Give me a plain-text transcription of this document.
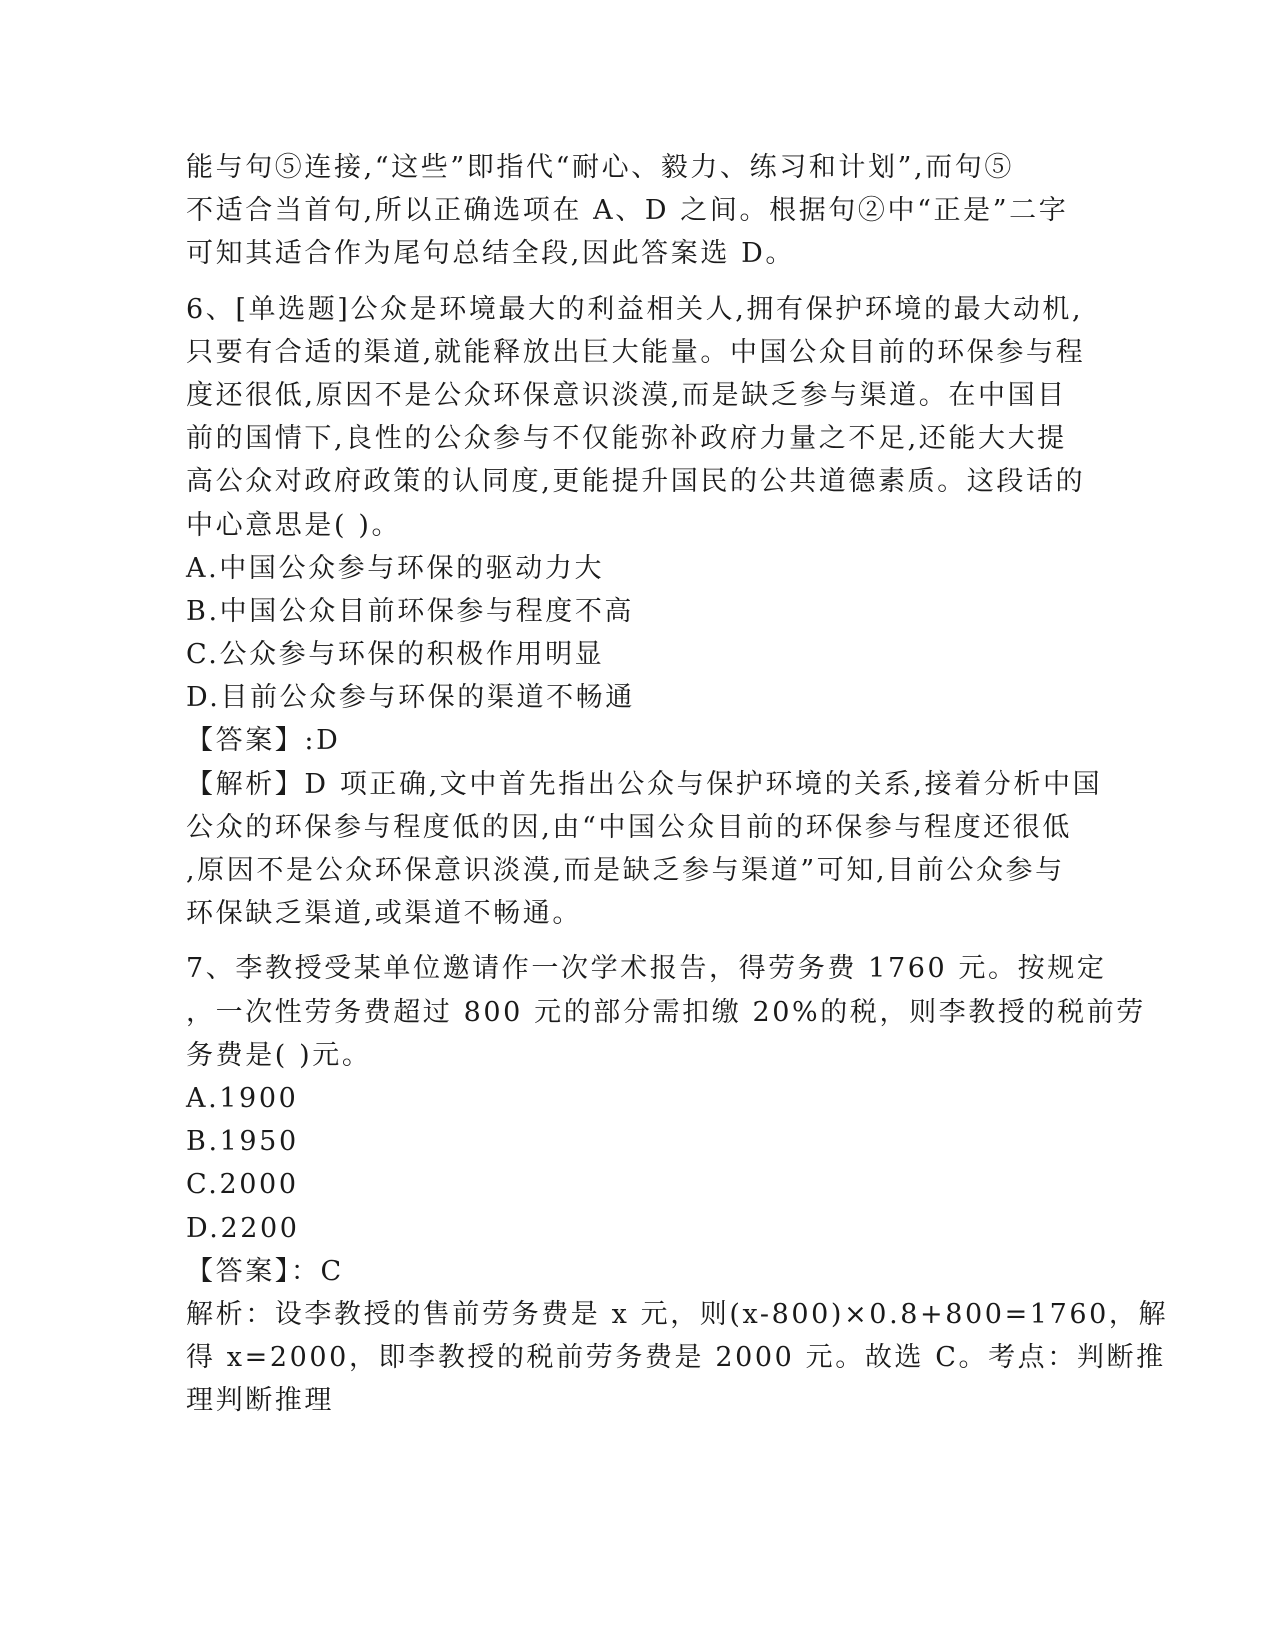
能与句⑤连接,“这些”即指代“耐心、毅力、练习和计划”,而句⑤
不适合当首句,所以正确选项在 A、D 之间。根据句②中“正是”二字
可知其适合作为尾句总结全段,因此答案选 D。
6、[单选题]公众是环境最大的利益相关人,拥有保护环境的最大动机,
只要有合适的渠道,就能释放出巨大能量。中国公众目前的环保参与程
度还很低,原因不是公众环保意识淡漠,而是缺乏参与渠道。在中国目
前的国情下,良性的公众参与不仅能弥补政府力量之不足,还能大大提
高公众对政府政策的认同度,更能提升国民的公共道德素质。这段话的
中心意思是( )。
A.中国公众参与环保的驱动力大
B.中国公众目前环保参与程度不高
C.公众参与环保的积极作用明显
D.目前公众参与环保的渠道不畅通
【答案】:D
【解析】D 项正确,文中首先指出公众与保护环境的关系,接着分析中国
公众的环保参与程度低的因,由“中国公众目前的环保参与程度还很低
,原因不是公众环保意识淡漠,而是缺乏参与渠道”可知,目前公众参与
环保缺乏渠道,或渠道不畅通。
7、李教授受某单位邀请作一次学术报告，得劳务费 1760 元。按规定
，一次性劳务费超过 800 元的部分需扣缴 20%的税，则李教授的税前劳
务费是( )元。
A.1900
B.1950
C.2000
D.2200
【答案】：C
解析：设李教授的售前劳务费是 x 元，则(x-800)×0.8+800=1760，解
得 x=2000，即李教授的税前劳务费是 2000 元。故选 C。考点：判断推
理判断推理
